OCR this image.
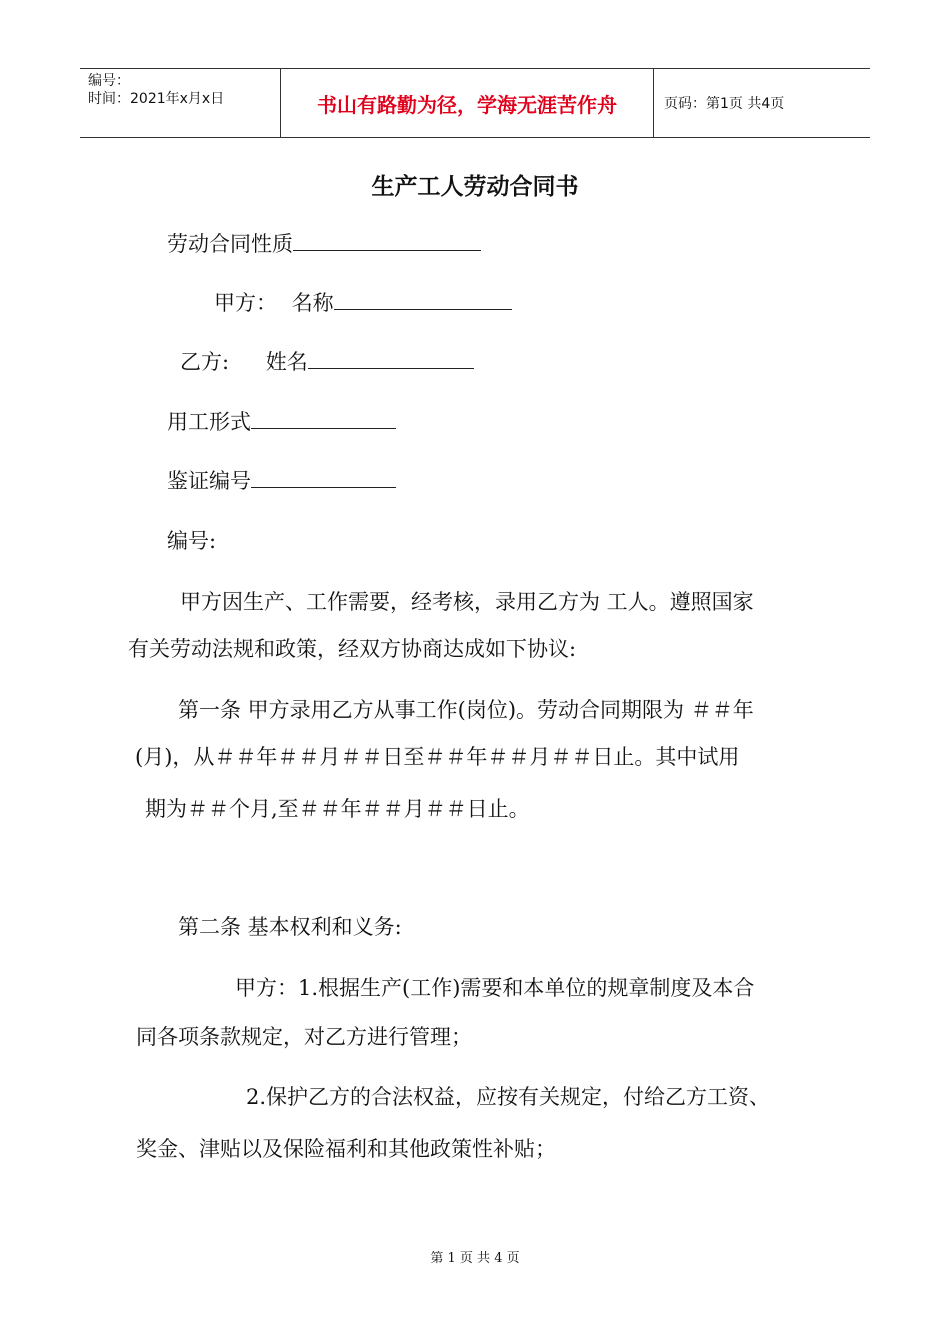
编号：
时间：2021年x月x日	书山有路勤为径，学海无涯苦作舟	页码：第1页 共4页
生产工人劳动合同书
劳动合同性质
甲方： 名称
乙方: 姓名
用工形式
鉴证编号
编号:
甲方因生产、工作需要，经考核，录用乙方为 工人。遵照国家
有关劳动法规和政策，经双方协商达成如下协议:
第一条 甲方录用乙方从事工作(岗位)。劳动合同期限为 ＃＃年
(月)，从＃＃年＃＃月＃＃日至＃＃年＃＃月＃＃日止。其中试用
期为＃＃个月,至＃＃年＃＃月＃＃日止。
第二条 基本权利和义务:
甲方：1.根据生产(工作)需要和本单位的规章制度及本合
同各项条款规定，对乙方进行管理；
2.保护乙方的合法权益，应按有关规定，付给乙方工资、
奖金、津贴以及保险福利和其他政策性补贴；
第 1 页 共 4 页
